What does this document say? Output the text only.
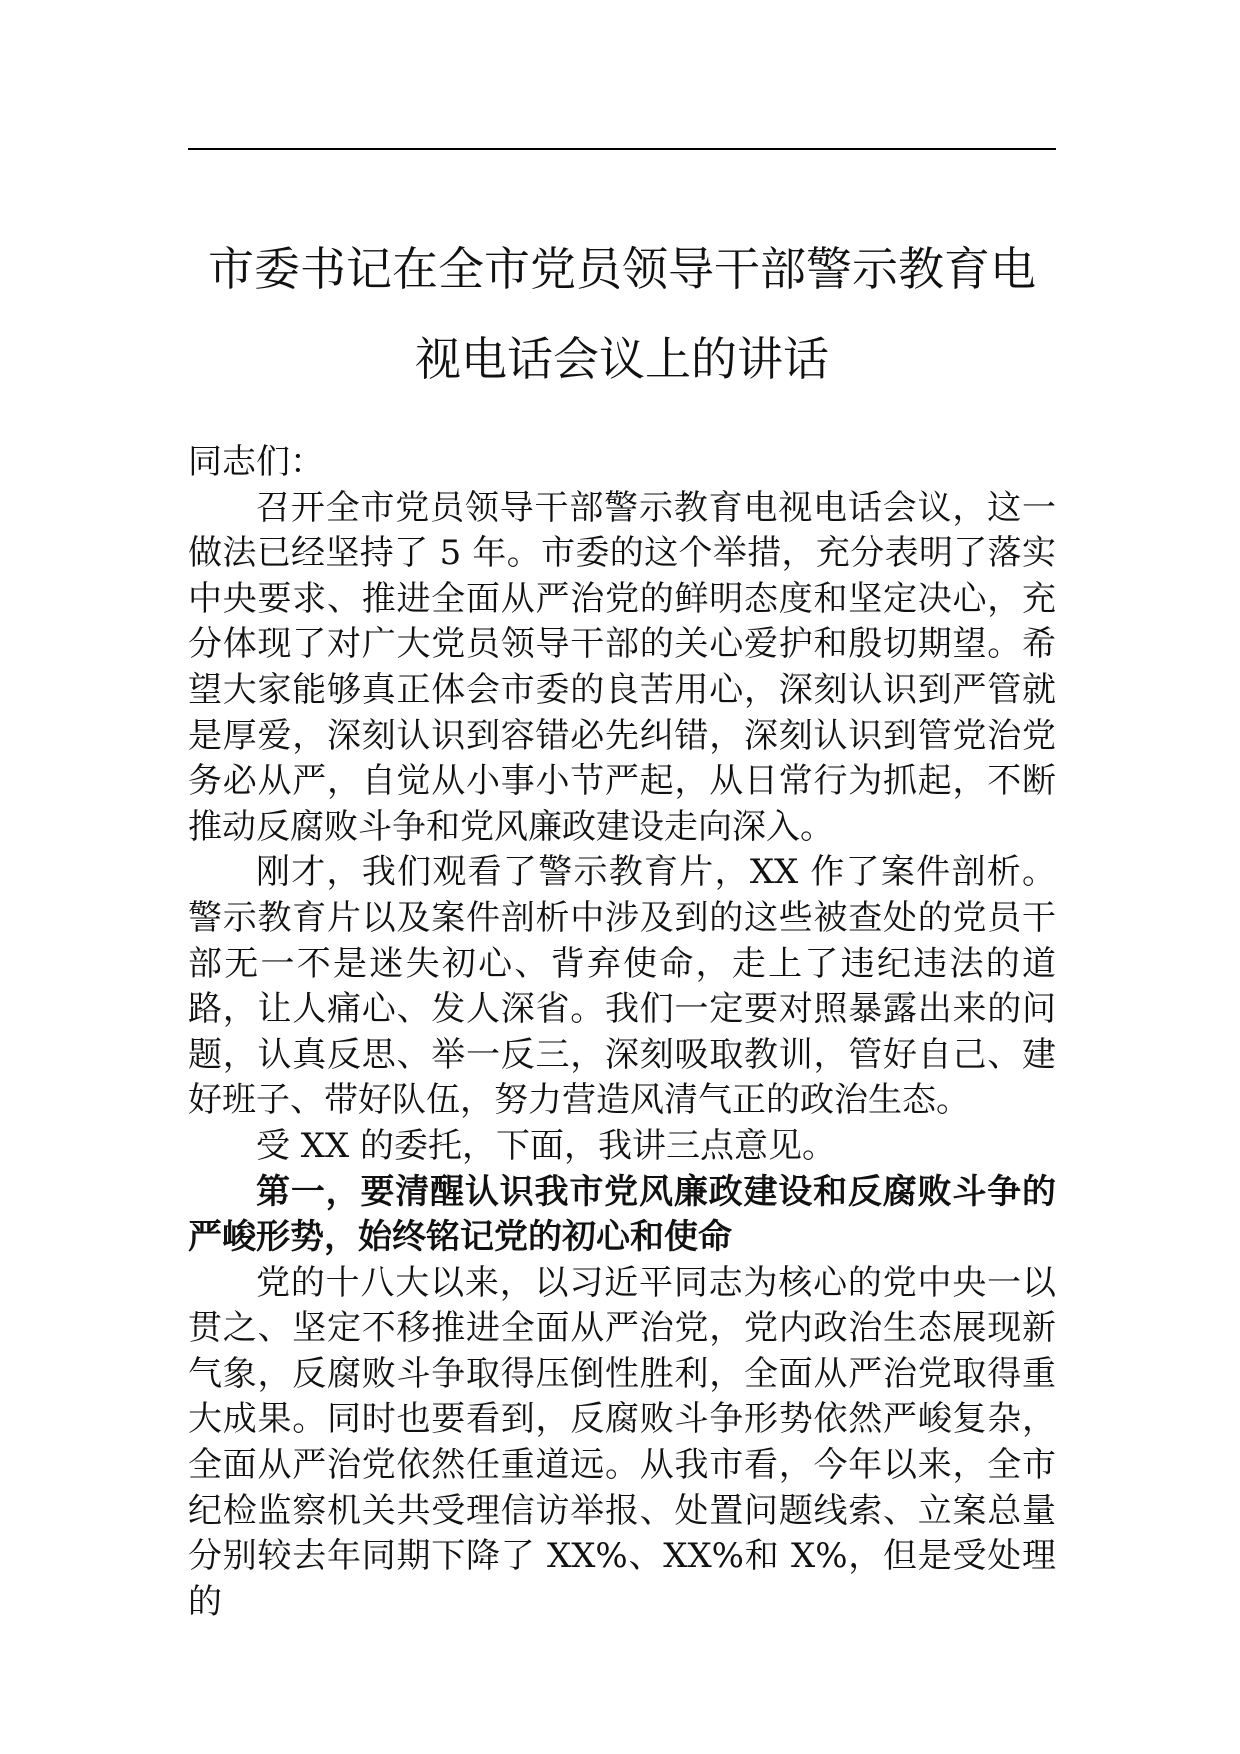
市委书记在全市党员领导干部警示教育电
视电话会议上的讲话

同志们：

召开全市党员领导干部警示教育电视电话会议，这一做法已经坚持了 5 年。市委的这个举措，充分表明了落实中央要求、推进全面从严治党的鲜明态度和坚定决心，充分体现了对广大党员领导干部的关心爱护和殷切期望。希望大家能够真正体会市委的良苦用心，深刻认识到严管就是厚爱，深刻认识到容错必先纠错，深刻认识到管党治党务必从严，自觉从小事小节严起，从日常行为抓起，不断推动反腐败斗争和党风廉政建设走向深入。

刚才，我们观看了警示教育片，XX 作了案件剖析。警示教育片以及案件剖析中涉及到的这些被查处的党员干部无一不是迷失初心、背弃使命，走上了违纪违法的道路，让人痛心、发人深省。我们一定要对照暴露出来的问题，认真反思、举一反三，深刻吸取教训，管好自己、建好班子、带好队伍，努力营造风清气正的政治生态。

受 XX 的委托，下面，我讲三点意见。

第一，要清醒认识我市党风廉政建设和反腐败斗争的严峻形势，始终铭记党的初心和使命

党的十八大以来，以习近平同志为核心的党中央一以贯之、坚定不移推进全面从严治党，党内政治生态展现新气象，反腐败斗争取得压倒性胜利，全面从严治党取得重大成果。同时也要看到，反腐败斗争形势依然严峻复杂，全面从严治党依然任重道远。从我市看，今年以来，全市纪检监察机关共受理信访举报、处置问题线索、立案总量分别较去年同期下降了 XX%、XX%和 X%，但是受处理的
